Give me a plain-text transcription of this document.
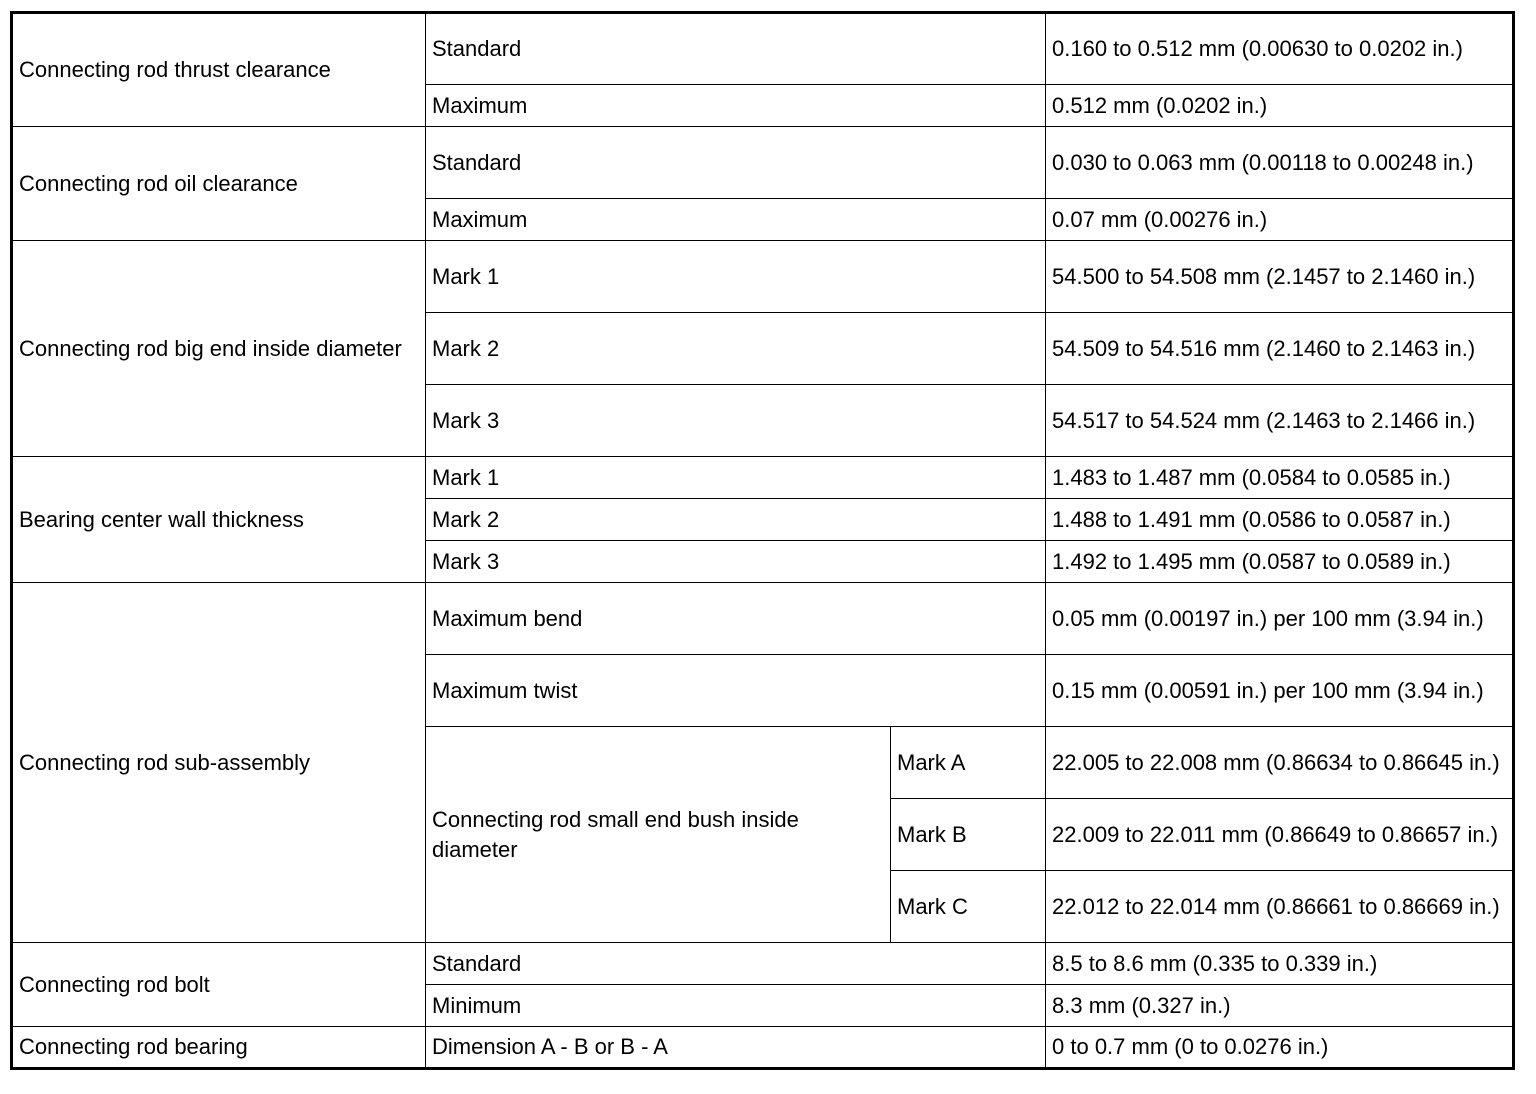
Connecting rod thrust clearance	Standard		0.160 to 0.512 mm (0.00630 to 0.0202 in.)
	Maximum		0.512 mm (0.0202 in.)
Connecting rod oil clearance	Standard		0.030 to 0.063 mm (0.00118 to 0.00248 in.)
	Maximum		0.07 mm (0.00276 in.)
Connecting rod big end inside diameter	Mark 1		54.500 to 54.508 mm (2.1457 to 2.1460 in.)
	Mark 2		54.509 to 54.516 mm (2.1460 to 2.1463 in.)
	Mark 3		54.517 to 54.524 mm (2.1463 to 2.1466 in.)
Bearing center wall thickness	Mark 1		1.483 to 1.487 mm (0.0584 to 0.0585 in.)
	Mark 2		1.488 to 1.491 mm (0.0586 to 0.0587 in.)
	Mark 3		1.492 to 1.495 mm (0.0587 to 0.0589 in.)
Connecting rod sub-assembly	Maximum bend		0.05 mm (0.00197 in.) per 100 mm (3.94 in.)
	Maximum twist		0.15 mm (0.00591 in.) per 100 mm (3.94 in.)
	Connecting rod small end bush inside diameter	Mark A	22.005 to 22.008 mm (0.86634 to 0.86645 in.)
		Mark B	22.009 to 22.011 mm (0.86649 to 0.86657 in.)
		Mark C	22.012 to 22.014 mm (0.86661 to 0.86669 in.)
Connecting rod bolt	Standard		8.5 to 8.6 mm (0.335 to 0.339 in.)
	Minimum		8.3 mm (0.327 in.)
Connecting rod bearing	Dimension A - B or B - A		0 to 0.7 mm (0 to 0.0276 in.)
